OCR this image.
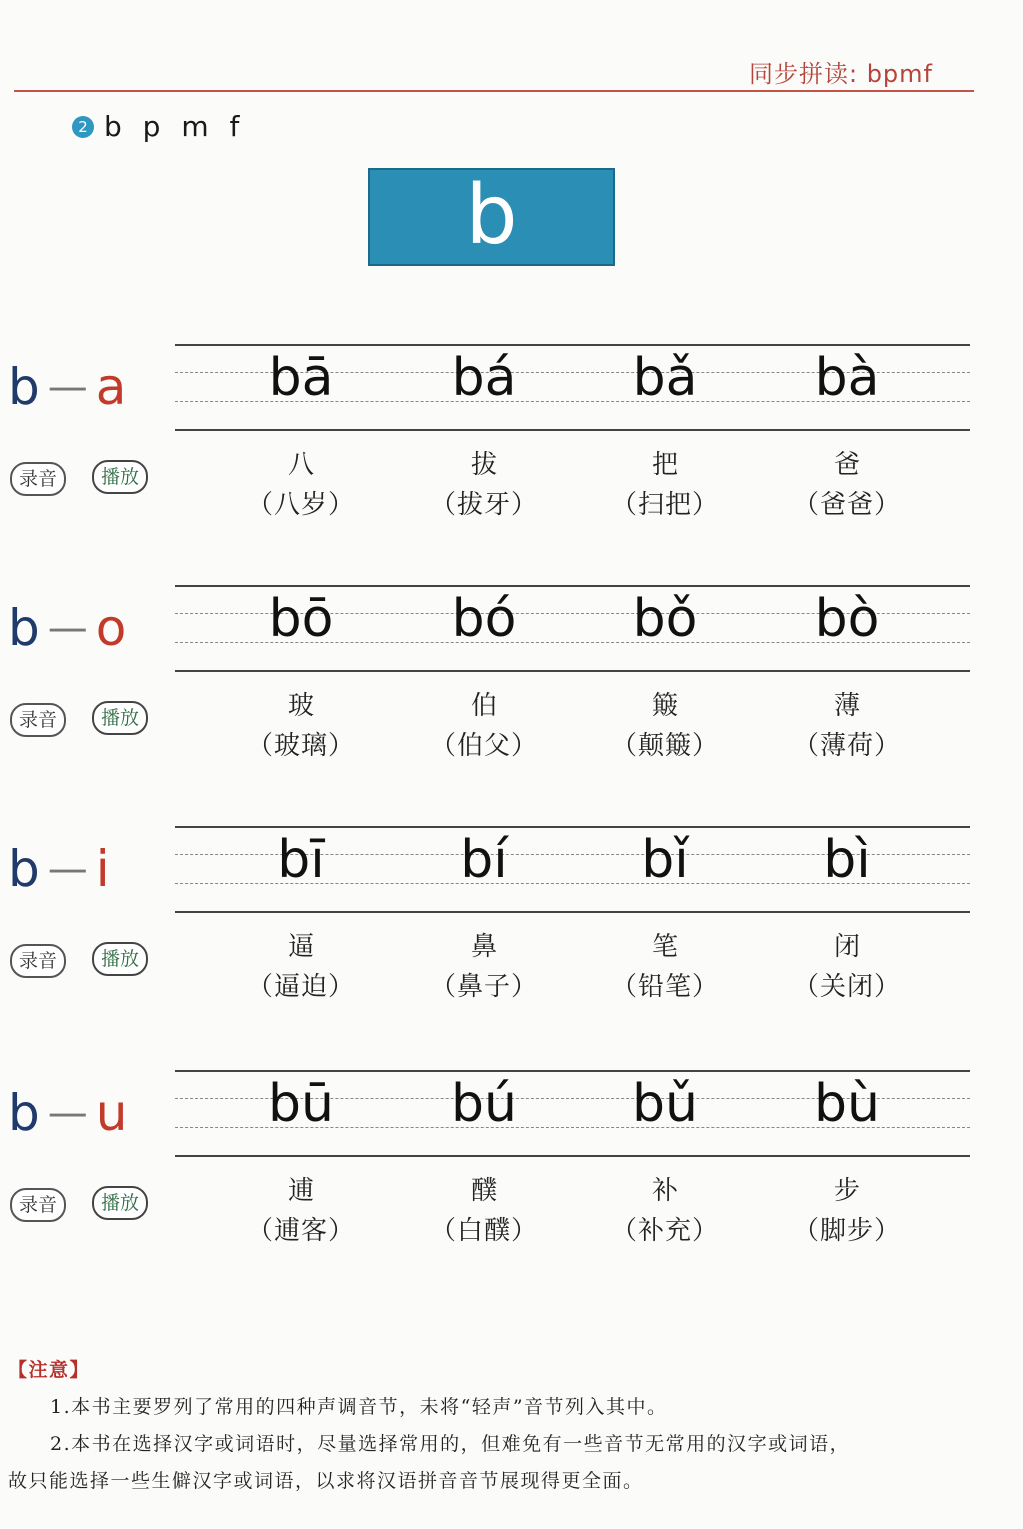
同步拼读: bpmf
2 b p m f
b
b — a
录音	播放
bā	bá	bǎ	bà
八	拔	把	爸
（八岁）	（拔牙）	（扫把）	（爸爸）
b — o
录音	播放
bō	bó	bǒ	bò
玻	伯	簸	薄
（玻璃）	（伯父）	（颠簸）	（薄荷）
b — i
录音	播放
bī	bí	bǐ	bì
逼	鼻	笔	闭
（逼迫）	（鼻子）	（铅笔）	（关闭）
b — u
录音	播放
bū	bú	bǔ	bù
逋	醭	补	步
（逋客）	（白醭）	（补充）	（脚步）
【注意】
1.本书主要罗列了常用的四种声调音节，未将“轻声”音节列入其中。
2.本书在选择汉字或词语时，尽量选择常用的，但难免有一些音节无常用的汉字或词语，
故只能选择一些生僻汉字或词语，以求将汉语拼音音节展现得更全面。
